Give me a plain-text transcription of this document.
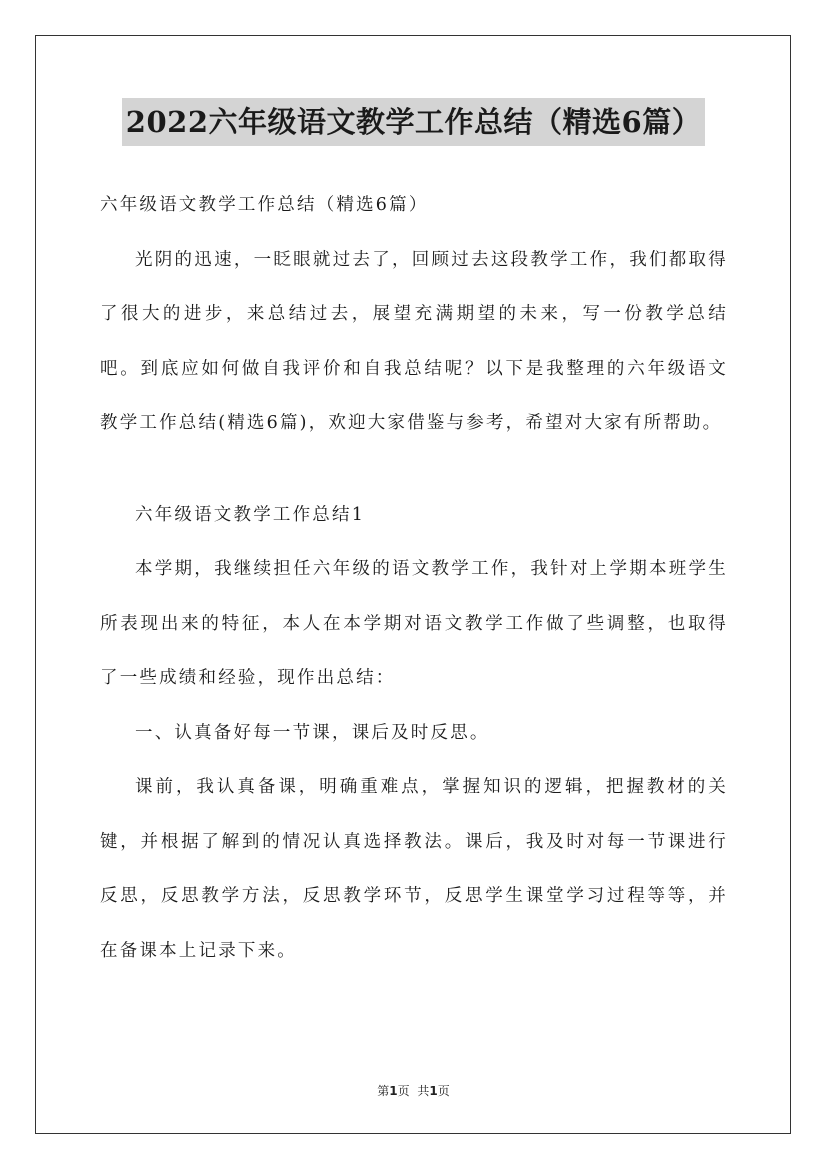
2022六年级语文教学工作总结（精选6篇）

六年级语文教学工作总结（精选6篇）

光阴的迅速，一眨眼就过去了，回顾过去这段教学工作，我们都取得了很大的进步，来总结过去，展望充满期望的未来，写一份教学总结吧。到底应如何做自我评价和自我总结呢？以下是我整理的六年级语文教学工作总结(精选6篇)，欢迎大家借鉴与参考，希望对大家有所帮助。

六年级语文教学工作总结1

本学期，我继续担任六年级的语文教学工作，我针对上学期本班学生所表现出来的特征，本人在本学期对语文教学工作做了些调整，也取得了一些成绩和经验，现作出总结：

一、认真备好每一节课，课后及时反思。

课前，我认真备课，明确重难点，掌握知识的逻辑，把握教材的关键，并根据了解到的情况认真选择教法。课后，我及时对每一节课进行反思，反思教学方法，反思教学环节，反思学生课堂学习过程等等，并在备课本上记录下来。

第1页 共1页
